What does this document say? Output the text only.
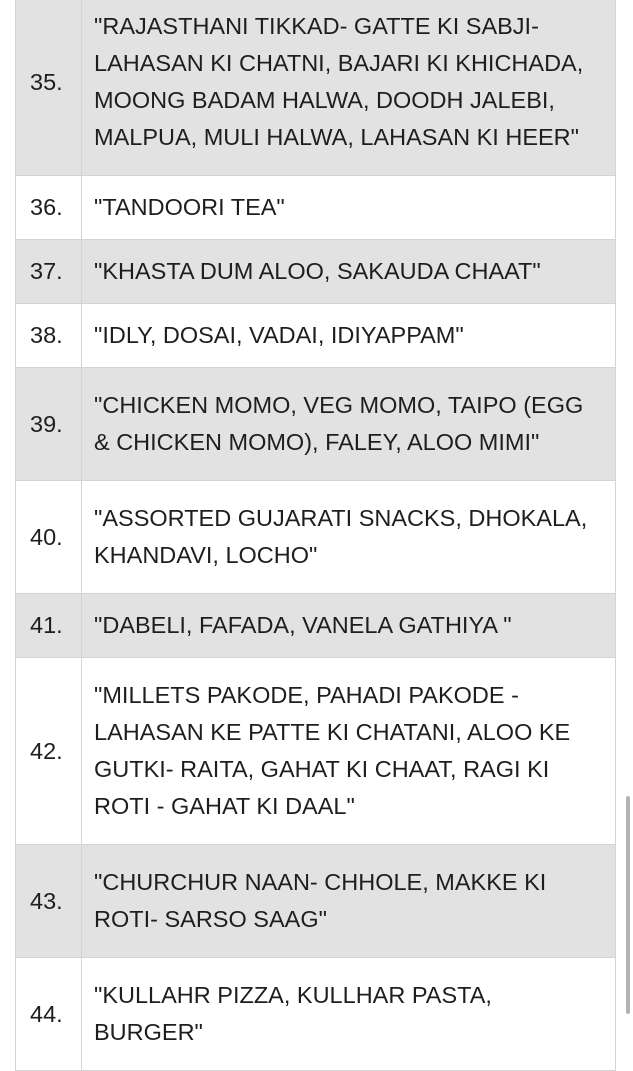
35.	"RAJASTHANI TIKKAD- GATTE KI SABJI- LAHASAN KI CHATNI, BAJARI KI KHICHADA, MOONG BADAM HALWA, DOODH JALEBI, MALPUA, MULI HALWA, LAHASAN KI HEER"
36.	"TANDOORI TEA"
37.	"KHASTA DUM ALOO, SAKAUDA CHAAT"
38.	"IDLY, DOSAI, VADAI, IDIYAPPAM"
39.	"CHICKEN MOMO, VEG MOMO, TAIPO (EGG & CHICKEN MOMO), FALEY, ALOO MIMI"
40.	"ASSORTED GUJARATI SNACKS, DHOKALA, KHANDAVI, LOCHO"
41.	"DABELI, FAFADA, VANELA GATHIYA "
42.	"MILLETS PAKODE, PAHADI PAKODE - LAHASAN KE PATTE KI CHATANI, ALOO KE GUTKI- RAITA, GAHAT KI CHAAT, RAGI KI ROTI - GAHAT KI DAAL"
43.	"CHURCHUR NAAN- CHHOLE, MAKKE KI ROTI- SARSO SAAG"
44.	"KULLAHR PIZZA, KULLHAR PASTA, BURGER"
